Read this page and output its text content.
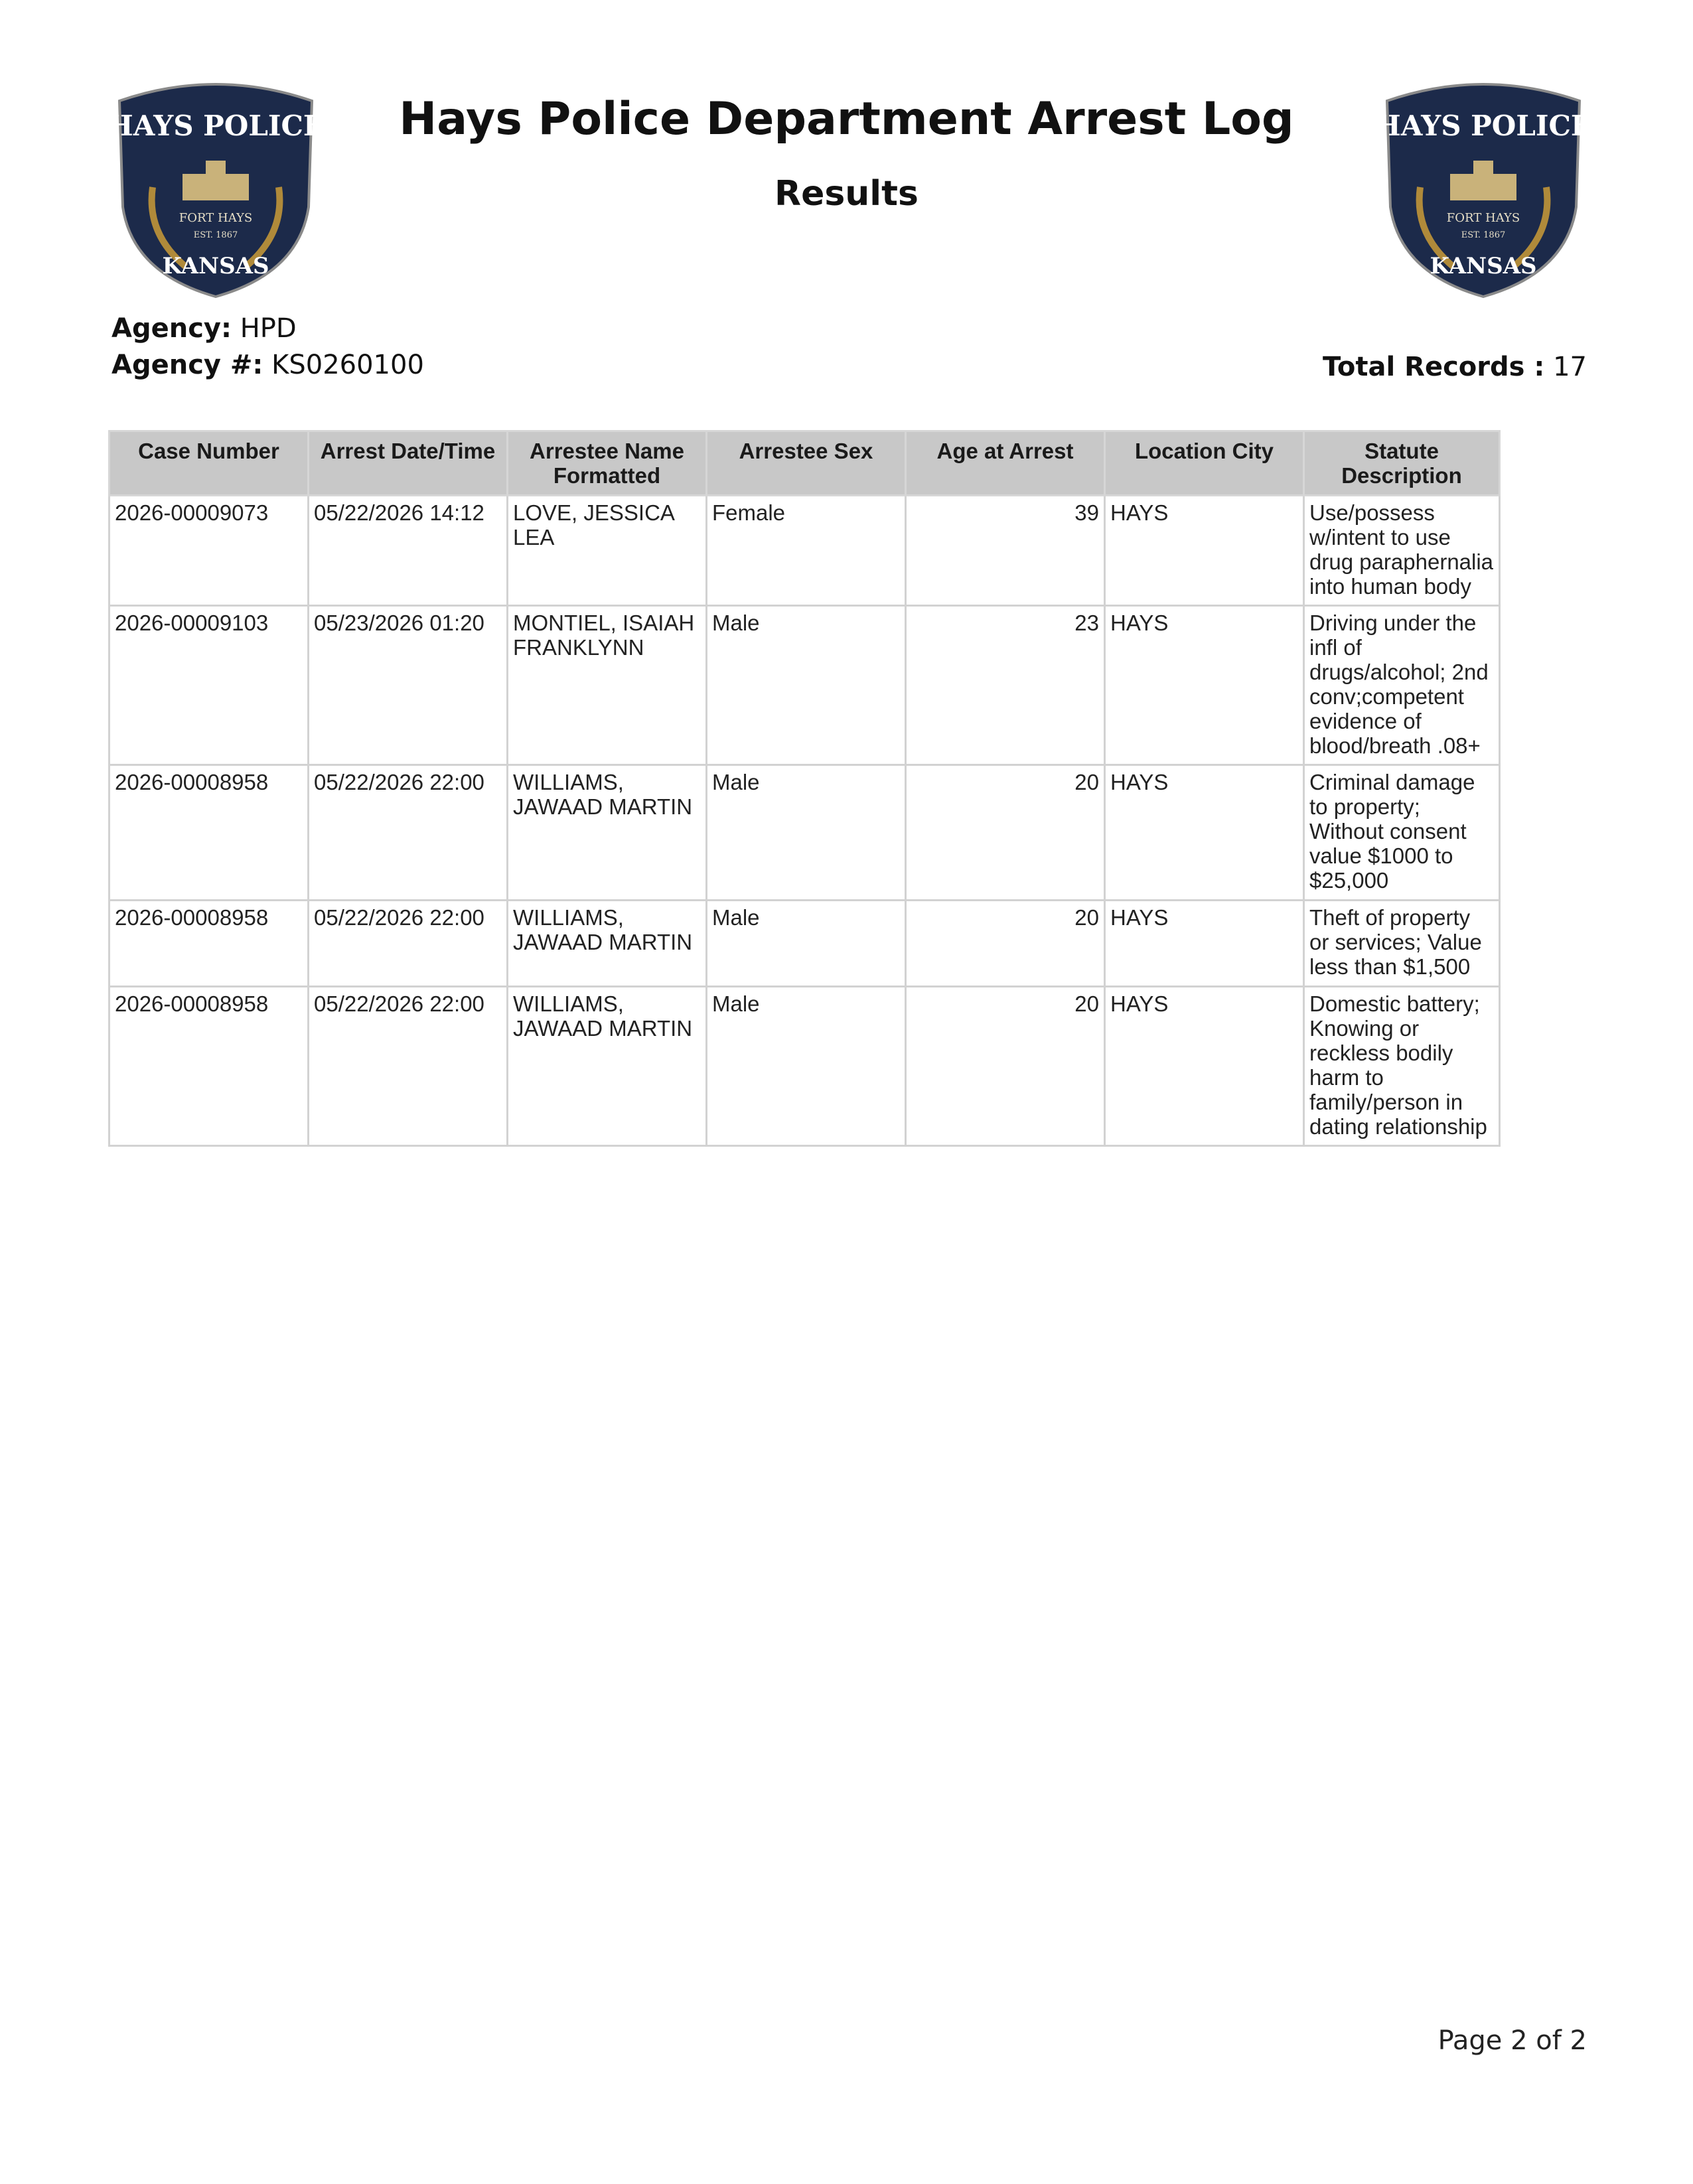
HAYS POLICE
FORT HAYS
EST. 1867
KANSAS
Hays Police Department Arrest Log
Results
HAYS POLICE
FORT HAYS
EST. 1867
KANSAS
Agency: HPD
Agency #: KS0260100	Total Records : 17
Case Number	Arrest Date/Time	Arrestee Name Formatted	Arrestee Sex	Age at Arrest	Location City	Statute Description
2026-00009073	05/22/2026 14:12	LOVE, JESSICA LEA	Female	39	HAYS	Use/possess w/intent to use drug paraphernalia into human body
2026-00009103	05/23/2026 01:20	MONTIEL, ISAIAH FRANKLYNN	Male	23	HAYS	Driving under the infl of drugs/alcohol; 2nd conv;competent evidence of blood/breath .08+
2026-00008958	05/22/2026 22:00	WILLIAMS, JAWAAD MARTIN	Male	20	HAYS	Criminal damage to property; Without consent value $1000 to $25,000
2026-00008958	05/22/2026 22:00	WILLIAMS, JAWAAD MARTIN	Male	20	HAYS	Theft of property or services; Value less than $1,500
2026-00008958	05/22/2026 22:00	WILLIAMS, JAWAAD MARTIN	Male	20	HAYS	Domestic battery; Knowing or reckless bodily harm to family/person in dating relationship
Page 2 of 2
